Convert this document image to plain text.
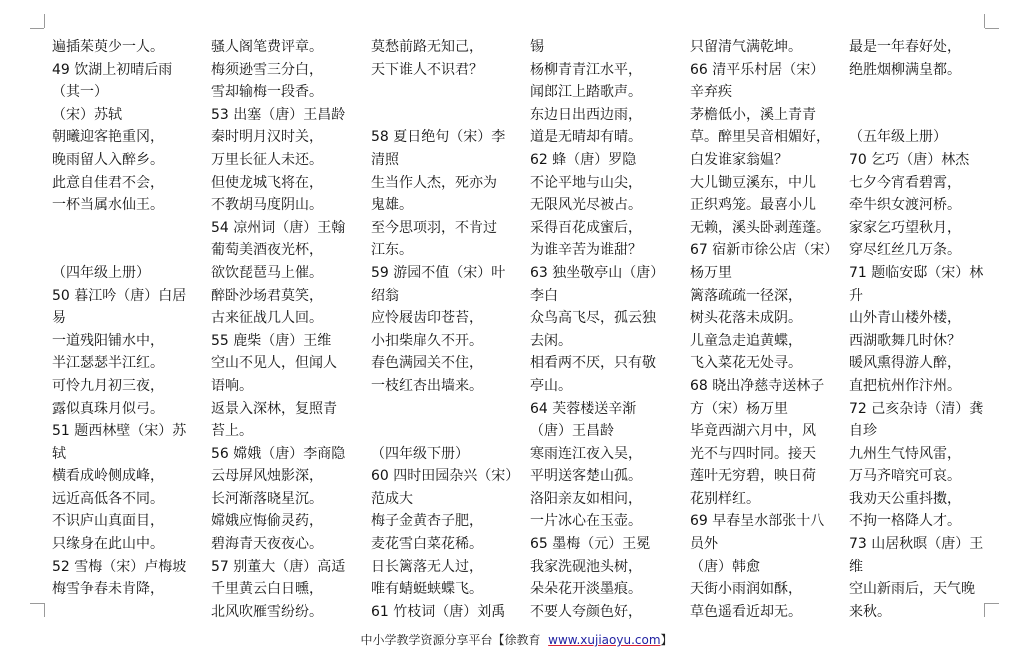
遍插茱萸少一人。
49 饮湖上初晴后雨
（其一）
（宋）苏轼
朝曦迎客艳重冈，
晚雨留人入醉乡。
此意自佳君不会，
一杯当属水仙王。
（四年级上册）
50 暮江吟（唐）白居
易
一道残阳铺水中，
半江瑟瑟半江红。
可怜九月初三夜，
露似真珠月似弓。
51 题西林壁（宋）苏
轼
横看成岭侧成峰，
远近高低各不同。
不识庐山真面目，
只缘身在此山中。
52 雪梅（宋）卢梅坡
梅雪争春未肯降，
骚人阁笔费评章。
梅须逊雪三分白，
雪却输梅一段香。
53 出塞（唐）王昌龄
秦时明月汉时关，
万里长征人未还。
但使龙城飞将在，
不教胡马度阴山。
54 凉州词（唐）王翰
葡萄美酒夜光杯，
欲饮琵琶马上催。
醉卧沙场君莫笑，
古来征战几人回。
55 鹿柴（唐）王维
空山不见人，但闻人
语响。
返景入深林，复照青
苔上。
56 嫦娥（唐）李商隐
云母屏风烛影深，
长河渐落晓星沉。
嫦娥应悔偷灵药，
碧海青天夜夜心。
57 别董大（唐）高适
千里黄云白日曛，
北风吹雁雪纷纷。
莫愁前路无知己，
天下谁人不识君？
58 夏日绝句（宋）李
清照
生当作人杰，死亦为
鬼雄。
至今思项羽，不肯过
江东。
59 游园不值（宋）叶
绍翁
应怜屐齿印苍苔，
小扣柴扉久不开。
春色满园关不住，
一枝红杏出墙来。
（四年级下册）
60 四时田园杂兴（宋）
范成大
梅子金黄杏子肥，
麦花雪白菜花稀。
日长篱落无人过，
唯有蜻蜓蛱蝶飞。
61 竹枝词（唐）刘禹
锡
杨柳青青江水平，
闻郎江上踏歌声。
东边日出西边雨，
道是无晴却有晴。
62 蜂（唐）罗隐
不论平地与山尖，
无限风光尽被占。
采得百花成蜜后，
为谁辛苦为谁甜？
63 独坐敬亭山（唐）
李白
众鸟高飞尽，孤云独
去闲。
相看两不厌，只有敬
亭山。
64 芙蓉楼送辛渐
（唐）王昌龄
寒雨连江夜入吴，
平明送客楚山孤。
洛阳亲友如相问，
一片冰心在玉壶。
65 墨梅（元）王冕
我家洗砚池头树，
朵朵花开淡墨痕。
不要人夸颜色好，
只留清气满乾坤。
66 清平乐村居（宋）
辛弃疾
茅檐低小，溪上青青
草。醉里吴音相媚好，
白发谁家翁媪？
大儿锄豆溪东，中儿
正织鸡笼。最喜小儿
无赖，溪头卧剥莲蓬。
67 宿新市徐公店（宋）
杨万里
篱落疏疏一径深，
树头花落未成阴。
儿童急走追黄蝶，
飞入菜花无处寻。
68 晓出净慈寺送林子
方（宋）杨万里
毕竟西湖六月中，风
光不与四时同。接天
莲叶无穷碧，映日荷
花别样红。
69 早春呈水部张十八
员外
（唐）韩愈
天街小雨润如酥，
草色遥看近却无。
最是一年春好处，
绝胜烟柳满皇都。
（五年级上册）
70 乞巧（唐）林杰
七夕今宵看碧霄，
牵牛织女渡河桥。
家家乞巧望秋月，
穿尽红丝几万条。
71 题临安邸（宋）林
升
山外青山楼外楼，
西湖歌舞几时休？
暖风熏得游人醉，
直把杭州作汴州。
72 己亥杂诗（清）龚
自珍
九州生气恃风雷，
万马齐喑究可哀。
我劝天公重抖擞，
不拘一格降人才。
73 山居秋暝（唐）王
维
空山新雨后，天气晚
来秋。
中小学教学资源分享平台【徐教育 www.xujiaoyu.com】
